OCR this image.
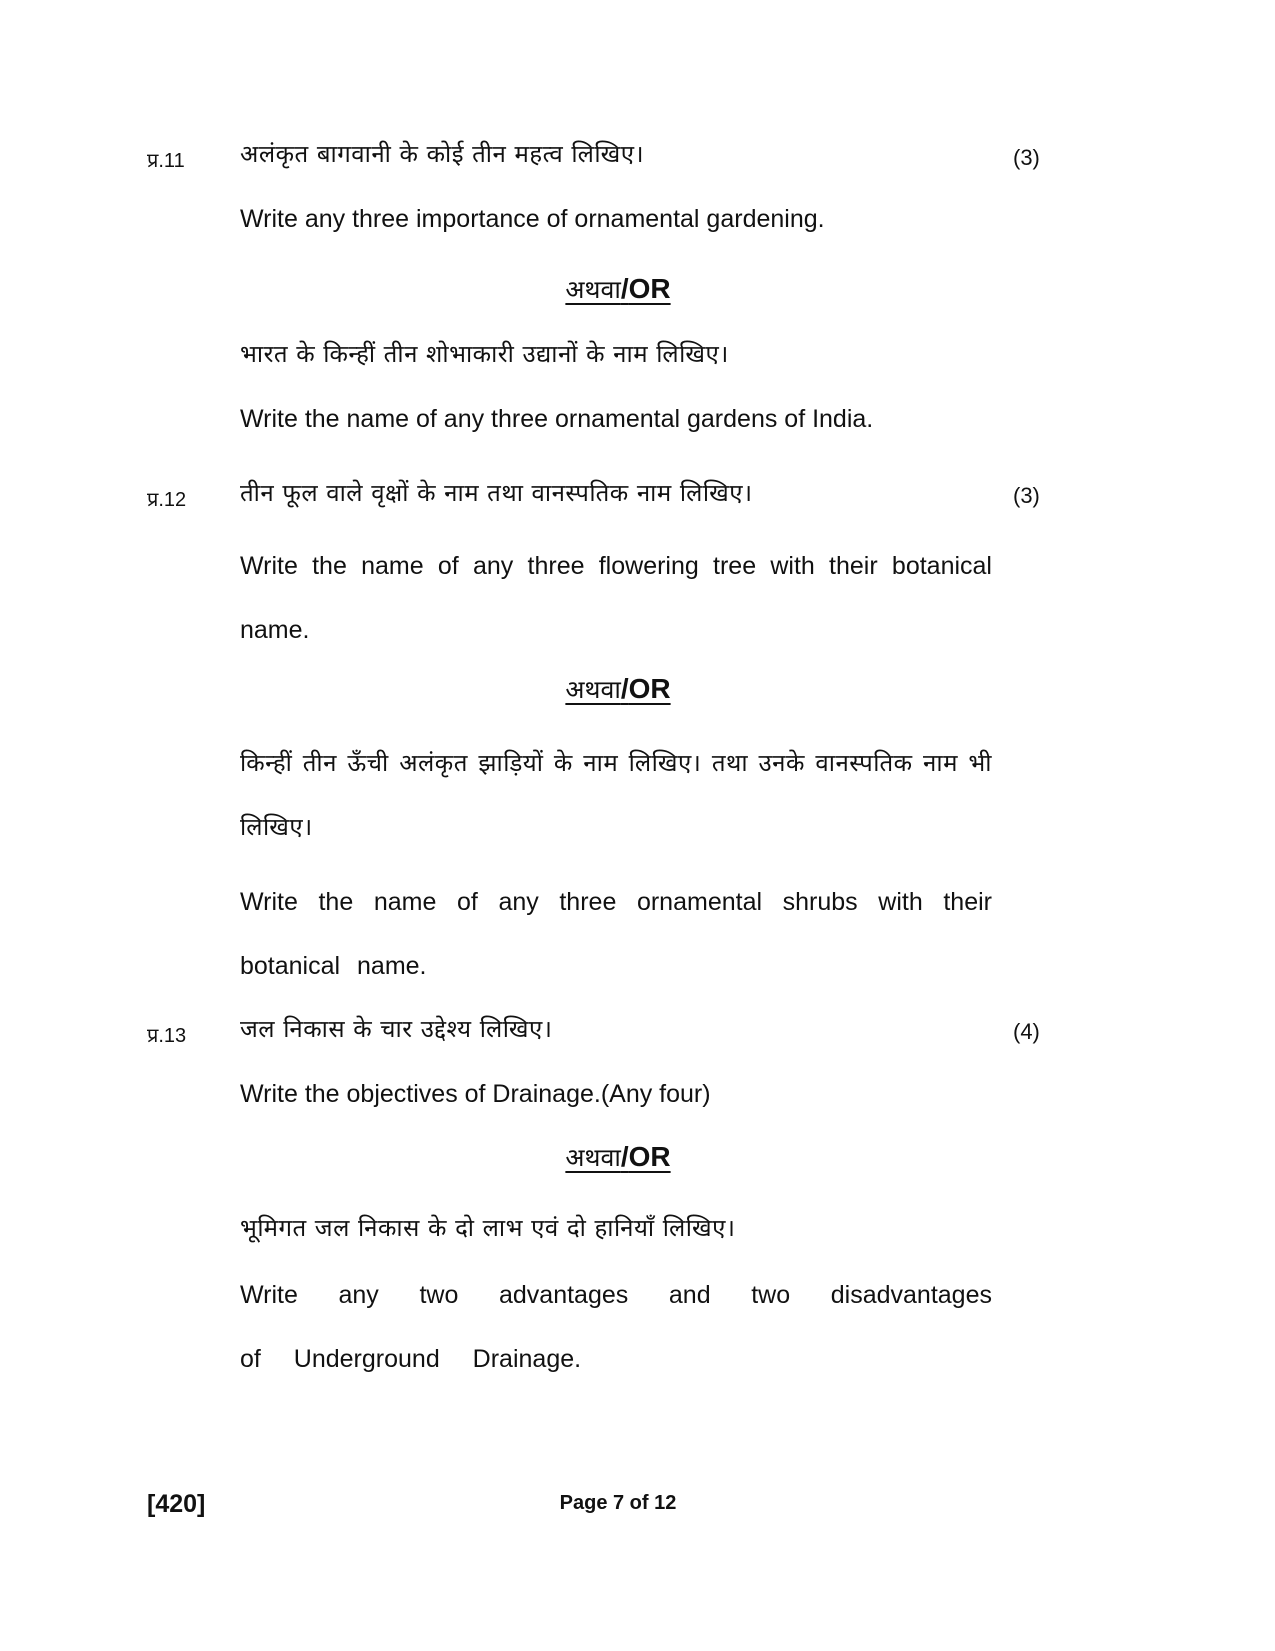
प्र.11 अलंकृत बागवानी के कोई तीन महत्व लिखिए।	(3)

Write any three importance of ornamental gardening.

अथवा/OR

भारत के किन्हीं तीन शोभाकारी उद्यानों के नाम लिखिए।

Write the name of any three ornamental gardens of India.

प्र.12 तीन फूल वाले वृक्षों के नाम तथा वानस्पतिक नाम लिखिए।	(3)

Write the name of any three flowering tree with their botanical name.

अथवा/OR

किन्हीं तीन ऊँची अलंकृत झाड़ियों के नाम लिखिए। तथा उनके वानस्पतिक नाम भी लिखिए।

Write the name of any three ornamental shrubs with their botanical name.

प्र.13 जल निकास के चार उद्देश्य लिखिए।	(4)

Write the objectives of Drainage.(Any four)

अथवा/OR

भूमिगत जल निकास के दो लाभ एवं दो हानियाँ लिखिए।

Write any two advantages and two disadvantages of Underground Drainage.

[420]	Page 7 of 12
